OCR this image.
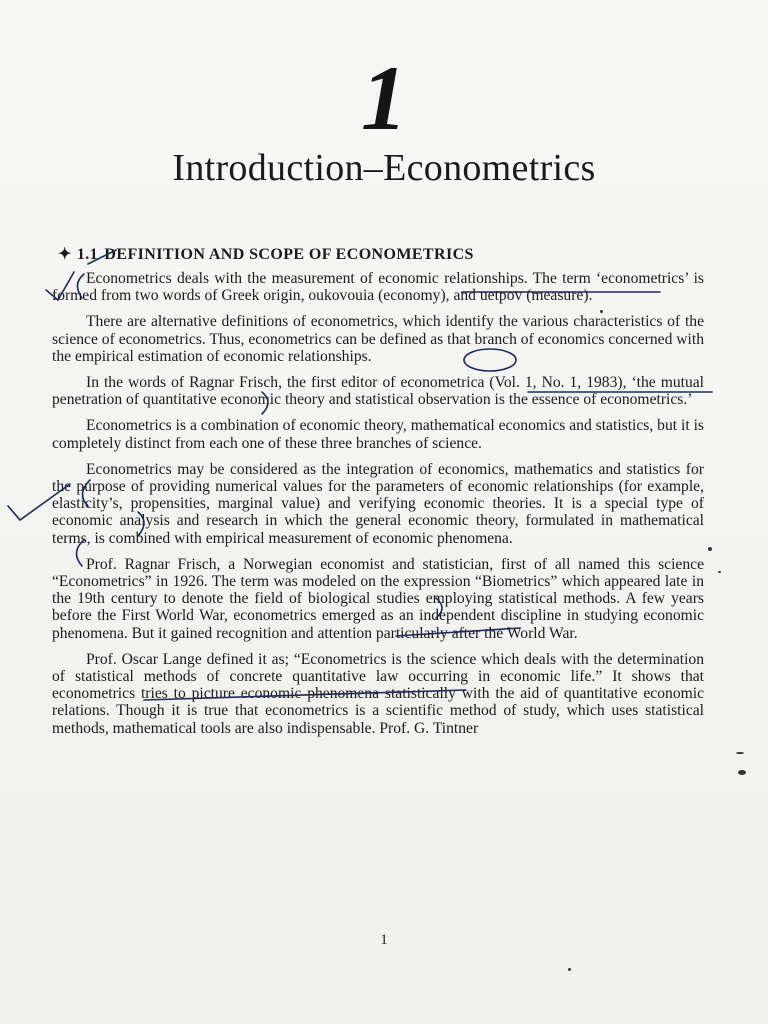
1
Introduction–Econometrics
✦ 1.1 DEFINITION AND SCOPE OF ECONOMETRICS

Econometrics deals with the measurement of economic relationships. The term ‘econometrics’ is formed from two words of Greek origin, oukovouia (economy), and uetpov (measure).

There are alternative definitions of econometrics, which identify the various characteristics of the science of econometrics. Thus, econometrics can be defined as that branch of economics concerned with the empirical estimation of economic relationships.

In the words of Ragnar Frisch, the first editor of econometrica (Vol. 1, No. 1, 1983), ‘the mutual penetration of quantitative economic theory and statistical observation is the essence of econometrics.’

Econometrics is a combination of economic theory, mathematical economics and statistics, but it is completely distinct from each one of these three branches of science.

Econometrics may be considered as the integration of economics, mathematics and statistics for the purpose of providing numerical values for the parameters of economic relationships (for example, elasticity’s, propensities, marginal value) and verifying economic theories. It is a special type of economic analysis and research in which the general economic theory, formulated in mathematical terms, is combined with empirical measurement of economic phenomena.

Prof. Ragnar Frisch, a Norwegian economist and statistician, first of all named this science “Econometrics” in 1926. The term was modeled on the expression “Biometrics” which appeared late in the 19th century to denote the field of biological studies employing statistical methods. A few years before the First World War, econometrics emerged as an independent discipline in studying economic phenomena. But it gained recognition and attention particularly after the World War.

Prof. Oscar Lange defined it as; “Econometrics is the science which deals with the determination of statistical methods of concrete quantitative law occurring in economic life.” It shows that econometrics tries to picture economic phenomena statistically with the aid of quantitative economic relations. Though it is true that econometrics is a scientific method of study, which uses statistical methods, mathematical tools are also indispensable. Prof. G. Tintner

1
